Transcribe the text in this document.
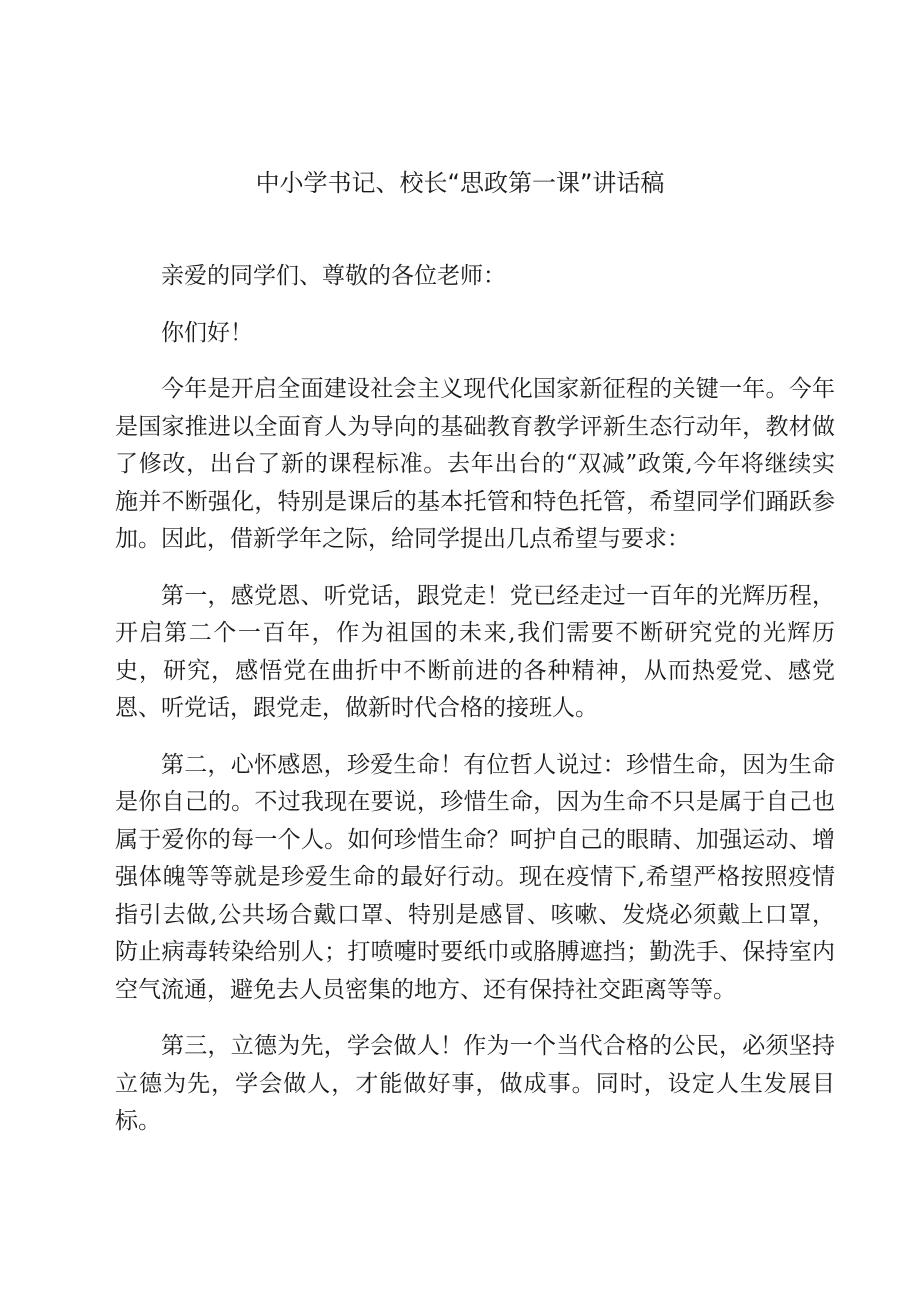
中小学书记、校长“思政第一课”讲话稿

亲爱的同学们、尊敬的各位老师：

你们好！

今年是开启全面建设社会主义现代化国家新征程的关键一年。今年是国家推进以全面育人为导向的基础教育教学评新生态行动年，教材做了修改，出台了新的课程标准。去年出台的“双减”政策,今年将继续实施并不断强化，特别是课后的基本托管和特色托管，希望同学们踊跃参加。因此，借新学年之际，给同学提出几点希望与要求：

第一，感党恩、听党话，跟党走！党已经走过一百年的光辉历程，开启第二个一百年，作为祖国的未来,我们需要不断研究党的光辉历史，研究，感悟党在曲折中不断前进的各种精神，从而热爱党、感党恩、听党话，跟党走，做新时代合格的接班人。

第二，心怀感恩，珍爱生命！有位哲人说过：珍惜生命，因为生命是你自己的。不过我现在要说，珍惜生命，因为生命不只是属于自己也属于爱你的每一个人。如何珍惜生命？呵护自己的眼睛、加强运动、增强体魄等等就是珍爱生命的最好行动。现在疫情下,希望严格按照疫情指引去做,公共场合戴口罩、特别是感冒、咳嗽、发烧必须戴上口罩，防止病毒转染给别人；打喷嚏时要纸巾或胳膊遮挡；勤洗手、保持室内空气流通，避免去人员密集的地方、还有保持社交距离等等。

第三，立德为先，学会做人！作为一个当代合格的公民，必须坚持立德为先，学会做人，才能做好事，做成事。同时，设定人生发展目标。
